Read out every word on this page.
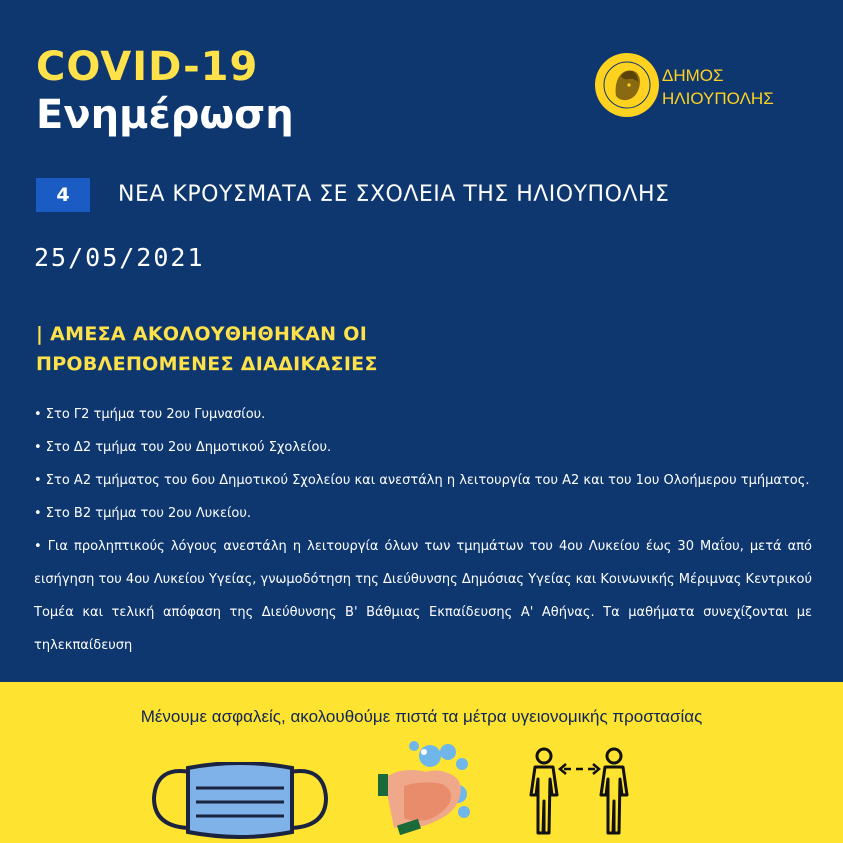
COVID-19
Ενημέρωση
ΔΗΜΟΣ
ΗΛΙΟΥΠΟΛΗΣ
4	ΝΕΑ ΚΡΟΥΣΜΑΤΑ ΣΕ ΣΧΟΛΕΙΑ ΤΗΣ ΗΛΙΟΥΠΟΛΗΣ
25/05/2021
| ΑΜΕΣΑ ΑΚΟΛΟΥΘΗΘΗΚΑΝ ΟΙ
ΠΡΟΒΛΕΠΟΜΕΝΕΣ ΔΙΑΔΙΚΑΣΙΕΣ
• Στο Γ2 τμήμα του 2ου Γυμνασίου.
• Στο Δ2 τμήμα του 2ου Δημοτικού Σχολείου.
• Στο Α2 τμήματος του 6ου Δημοτικού Σχολείου και ανεστάλη η λειτουργία του Α2 και του 1ου Ολοήμερου τμήματος.
• Στο Β2 τμήμα του 2ου Λυκείου.
• Για προληπτικούς λόγους ανεστάλη η λειτουργία όλων των τμημάτων του 4ου Λυκείου έως 30 Μαΐου, μετά από εισήγηση του 4ου Λυκείου Υγείας, γνωμοδότηση της Διεύθυνσης Δημόσιας Υγείας και Κοινωνικής Μέριμνας Κεντρικού Τομέα και τελική απόφαση της Διεύθυνσης Β' Βάθμιας Εκπαίδευσης Α' Αθήνας. Τα μαθήματα συνεχίζονται με τηλεκπαίδευση
Μένουμε ασφαλείς, ακολουθούμε πιστά τα μέτρα υγειονομικής προστασίας
